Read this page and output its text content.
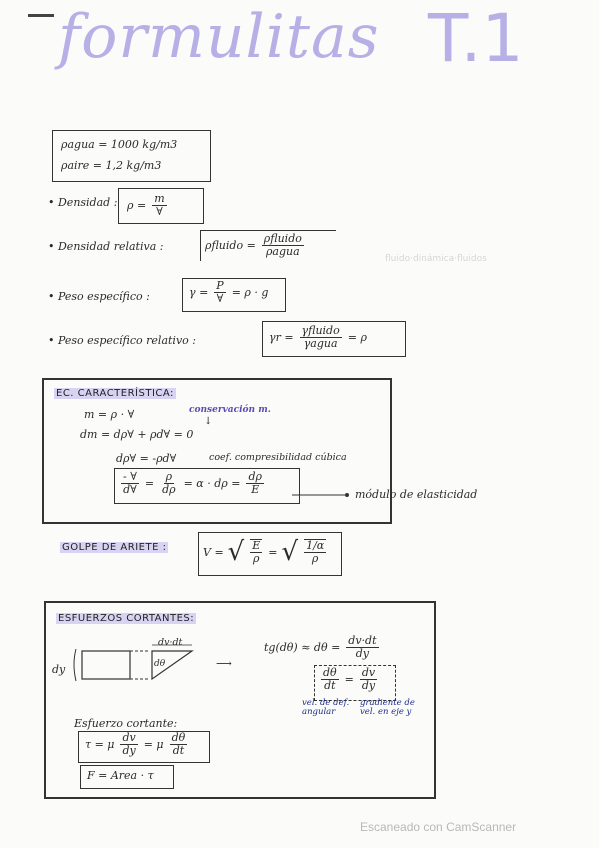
formulitas T.1
ρagua = 1000 kg/m3
ρaire = 1,2 kg/m3
• Densidad : $\rho = \frac{m}{\forall}$
• Densidad relativa :	ρfluido = $\frac{\text{ρfluido}}{\text{ρagua}}$
fluido·dinámica·fluidos
• Peso específico :	$\gamma = \frac{P}{\forall} = \rho \cdot g$
• Peso específico relativo :	$\gamma r = \frac{\text{γfluido}}{\text{γagua}} = \rho$
EC. CARACTERÍSTICA:
m = ρ · ∀	conservación m.
↓
dm = dρ∀ + ρd∀ = 0
dρ∀ = -ρd∀	coef. compresibilidad cúbica
$\frac{- \forall}{d\forall} = \frac{\rho}{d\rho} = \alpha \cdot d\rho = \frac{d\rho}{E}$	módulo de elasticidad
GOLPE DE ARIETE :	V = √ $\frac{E}{\rho}$ = √ $\frac{1/\alpha}{\rho}$
ESFUERZOS CORTANTES:
dy
dv·dt
dθ	⟶
$tg(d\theta) \approx d\theta = \frac{dv\cdot dt}{dy}$
$\frac{d\theta}{dt} = \frac{dv}{dy}$
vel. de def. angular
gradiente de vel. en eje y
Esfuerzo cortante:
τ = μ $\frac{dv}{dy} = \mu \frac{d\theta}{dt}$
F = Area · τ
Escaneado con CamScanner
